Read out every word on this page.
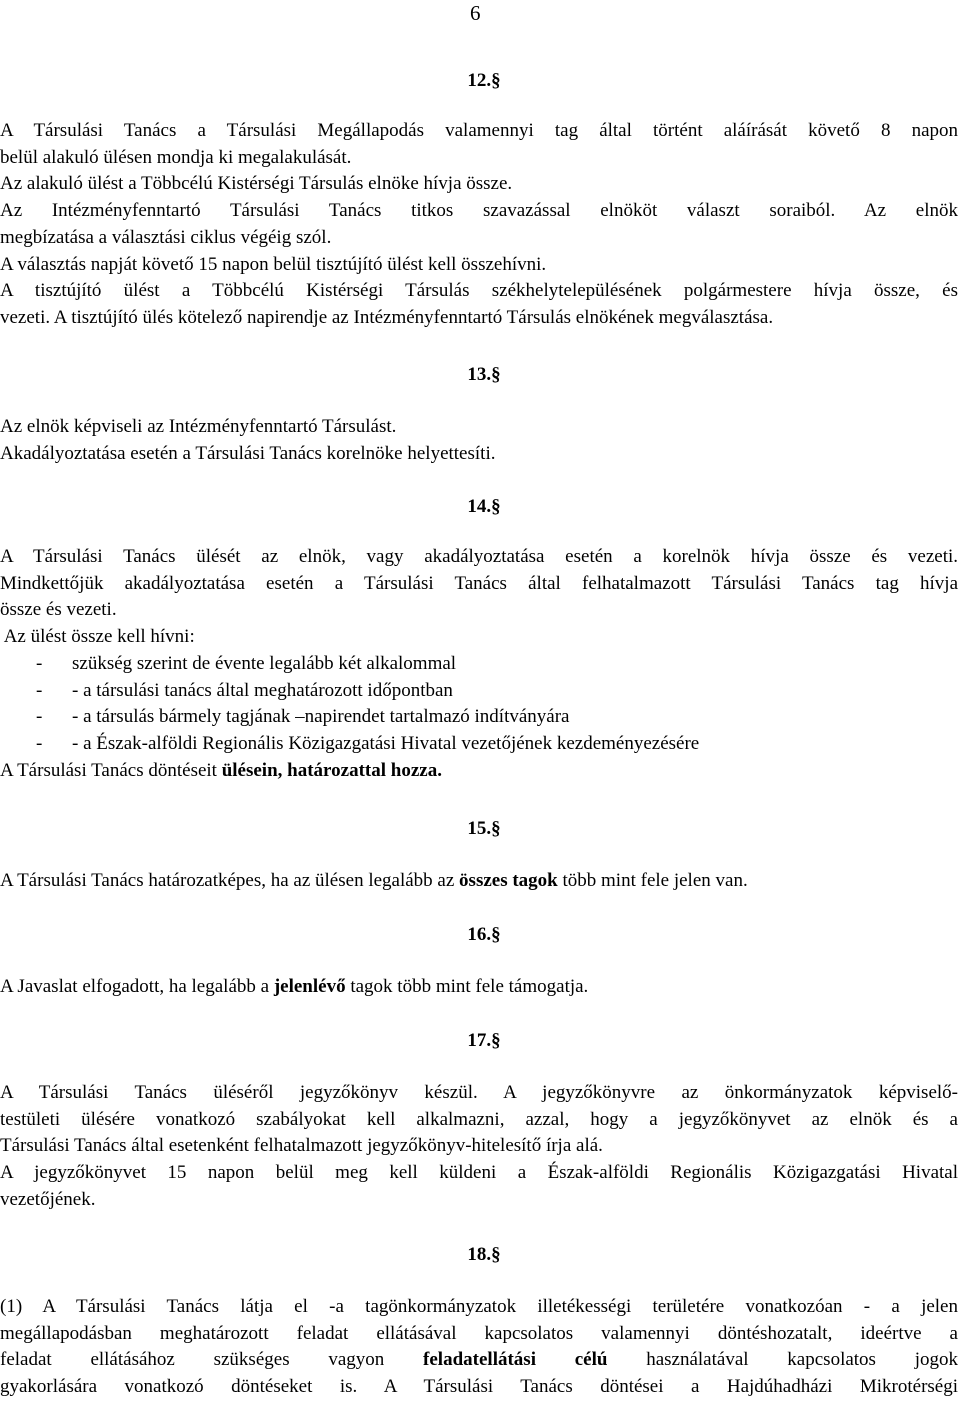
6
12.§

A Társulási Tanács a Társulási Megállapodás valamennyi tag által történt aláírását követő 8 napon

belül alakuló ülésen mondja ki megalakulását.

Az alakuló ülést a Többcélú Kistérségi Társulás elnöke hívja össze.

Az Intézményfenntartó Társulási Tanács titkos szavazással elnököt választ soraiból. Az elnök

megbízatása a választási ciklus végéig szól.

A választás napját követő 15 napon belül tisztújító ülést kell összehívni.

A tisztújító ülést a Többcélú Kistérségi Társulás székhelytelepülésének polgármestere hívja össze, és

vezeti. A tisztújító ülés kötelező napirendje az Intézményfenntartó Társulás elnökének megválasztása.

13.§

Az elnök képviseli az Intézményfenntartó Társulást.

Akadályoztatása esetén a Társulási Tanács korelnöke helyettesíti.

14.§

A Társulási Tanács ülését az elnök, vagy akadályoztatása esetén a korelnök hívja össze és vezeti.

Mindkettőjük akadályoztatása esetén a Társulási Tanács által felhatalmazott Társulási Tanács tag hívja

össze és vezeti.

Az ülést össze kell hívni:

-	szükség szerint de évente legalább két alkalommal
-	- a társulási tanács által meghatározott időpontban
-	- a társulás bármely tagjának –napirendet tartalmazó indítványára
-	- a Észak-alföldi Regionális Közigazgatási Hivatal vezetőjének kezdeményezésére

A Társulási Tanács döntéseit ülésein, határozattal hozza.

15.§

A Társulási Tanács határozatképes, ha az ülésen legalább az összes tagok több mint fele jelen van.

16.§

A Javaslat elfogadott, ha legalább a jelenlévő tagok több mint fele támogatja.

17.§

A Társulási Tanács üléséről jegyzőkönyv készül. A jegyzőkönyvre az önkormányzatok képviselő-

testületi ülésére vonatkozó szabályokat kell alkalmazni, azzal, hogy a jegyzőkönyvet az elnök és a

Társulási Tanács által esetenként felhatalmazott jegyzőkönyv-hitelesítő írja alá.

A jegyzőkönyvet 15 napon belül meg kell küldeni a Észak-alföldi Regionális Közigazgatási Hivatal

vezetőjének.

18.§

(1) A Társulási Tanács látja el -a tagönkormányzatok illetékességi területére vonatkozóan - a jelen

megállapodásban meghatározott feladat ellátásával kapcsolatos valamennyi döntéshozatalt, ideértve a

feladat ellátásához szükséges vagyon feladatellátási célú használatával kapcsolatos jogok

gyakorlására vonatkozó döntéseket is. A Társulási Tanács döntései a Hajdúhadházi Mikrotérségi
